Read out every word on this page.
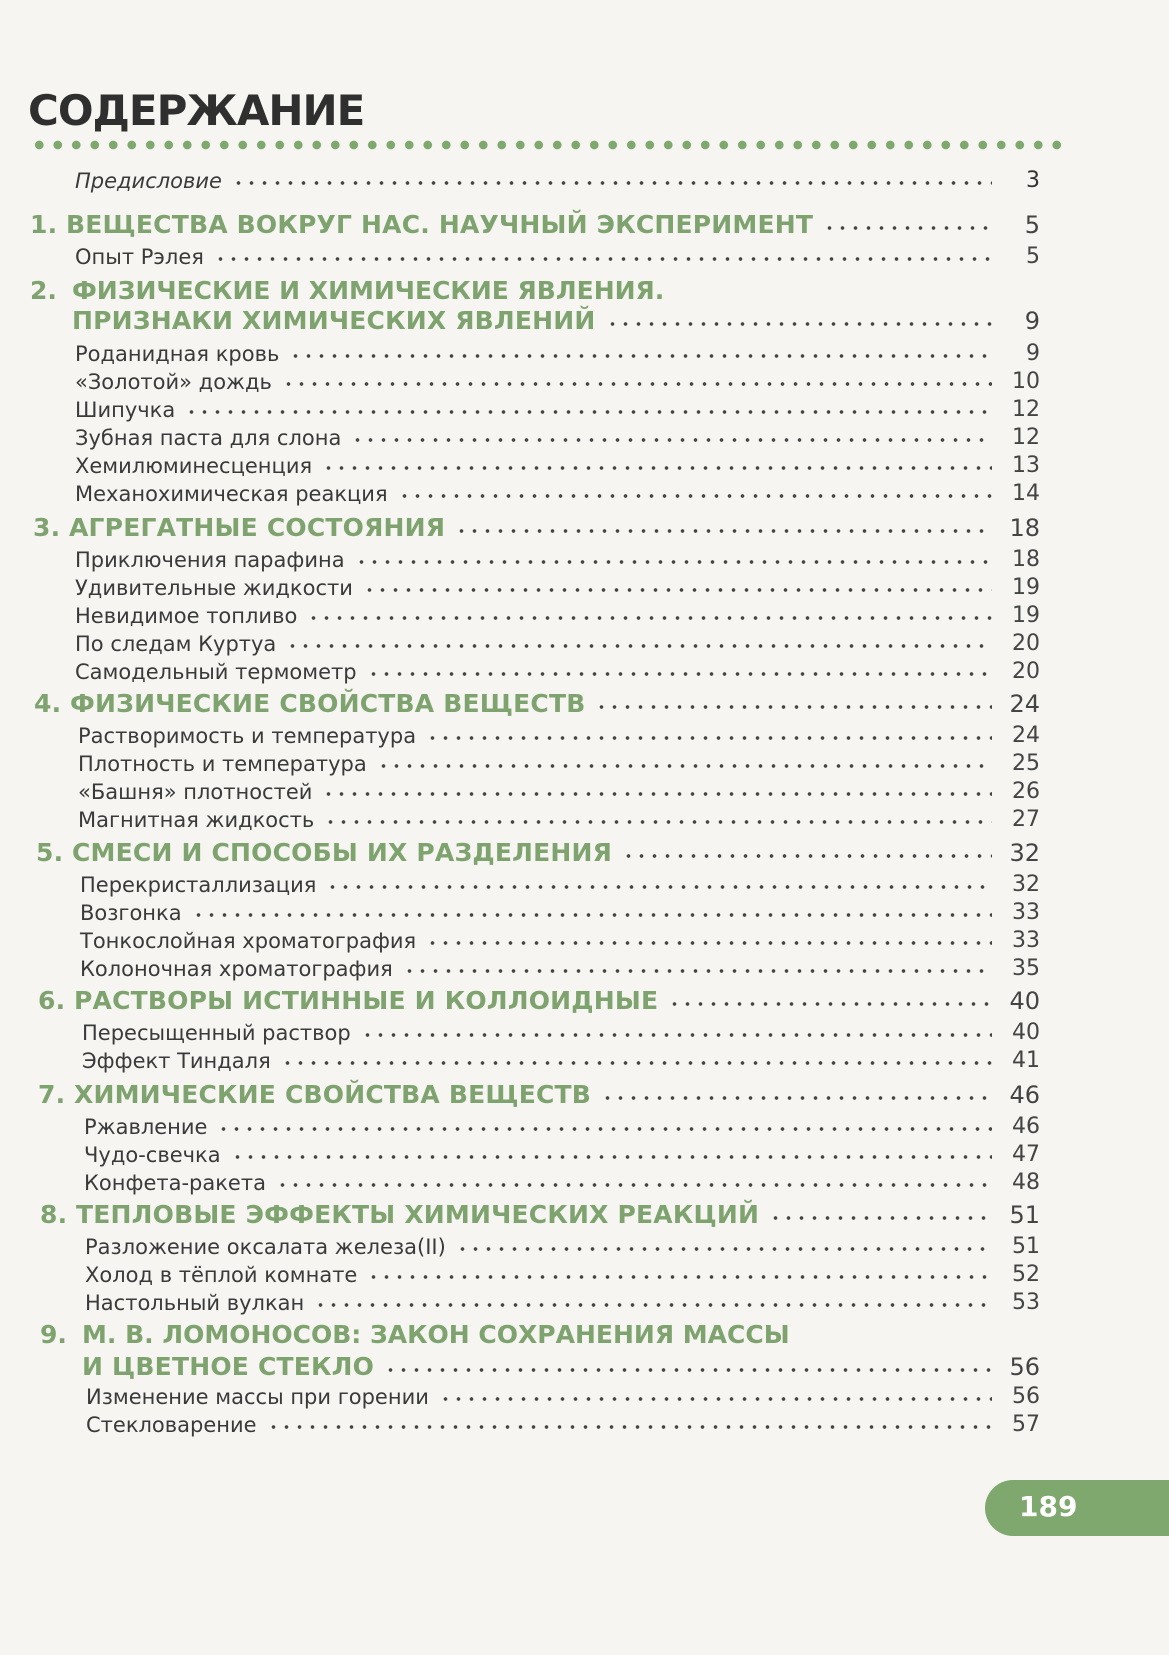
СОДЕРЖАНИЕ
Предисловие	3
1. ВЕЩЕСТВА ВОКРУГ НАС. НАУЧНЫЙ ЭКСПЕРИМЕНТ	5
Опыт Рэлея	5
2. ФИЗИЧЕСКИЕ И ХИМИЧЕСКИЕ ЯВЛЕНИЯ.
ПРИЗНАКИ ХИМИЧЕСКИХ ЯВЛЕНИЙ	9
Роданидная кровь	9
«Золотой» дождь	10
Шипучка	12
Зубная паста для слона	12
Хемилюминесценция	13
Механохимическая реакция	14
3. АГРЕГАТНЫЕ СОСТОЯНИЯ	18
Приключения парафина	18
Удивительные жидкости	19
Невидимое топливо	19
По следам Куртуа	20
Самодельный термометр	20
4. ФИЗИЧЕСКИЕ СВОЙСТВА ВЕЩЕСТВ	24
Растворимость и температура	24
Плотность и температура	25
«Башня» плотностей	26
Магнитная жидкость	27
5. СМЕСИ И СПОСОБЫ ИХ РАЗДЕЛЕНИЯ	32
Перекристаллизация	32
Возгонка	33
Тонкослойная хроматография	33
Колоночная хроматография	35
6. РАСТВОРЫ ИСТИННЫЕ И КОЛЛОИДНЫЕ	40
Пересыщенный раствор	40
Эффект Тиндаля	41
7. ХИМИЧЕСКИЕ СВОЙСТВА ВЕЩЕСТВ	46
Ржавление	46
Чудо-свечка	47
Конфета-ракета	48
8. ТЕПЛОВЫЕ ЭФФЕКТЫ ХИМИЧЕСКИХ РЕАКЦИЙ	51
Разложение оксалата железа(II)	51
Холод в тёплой комнате	52
Настольный вулкан	53
9. М. В. ЛОМОНОСОВ: ЗАКОН СОХРАНЕНИЯ МАССЫ
И ЦВЕТНОЕ СТЕКЛО	56
Изменение массы при горении	56
Стекловарение	57
189
